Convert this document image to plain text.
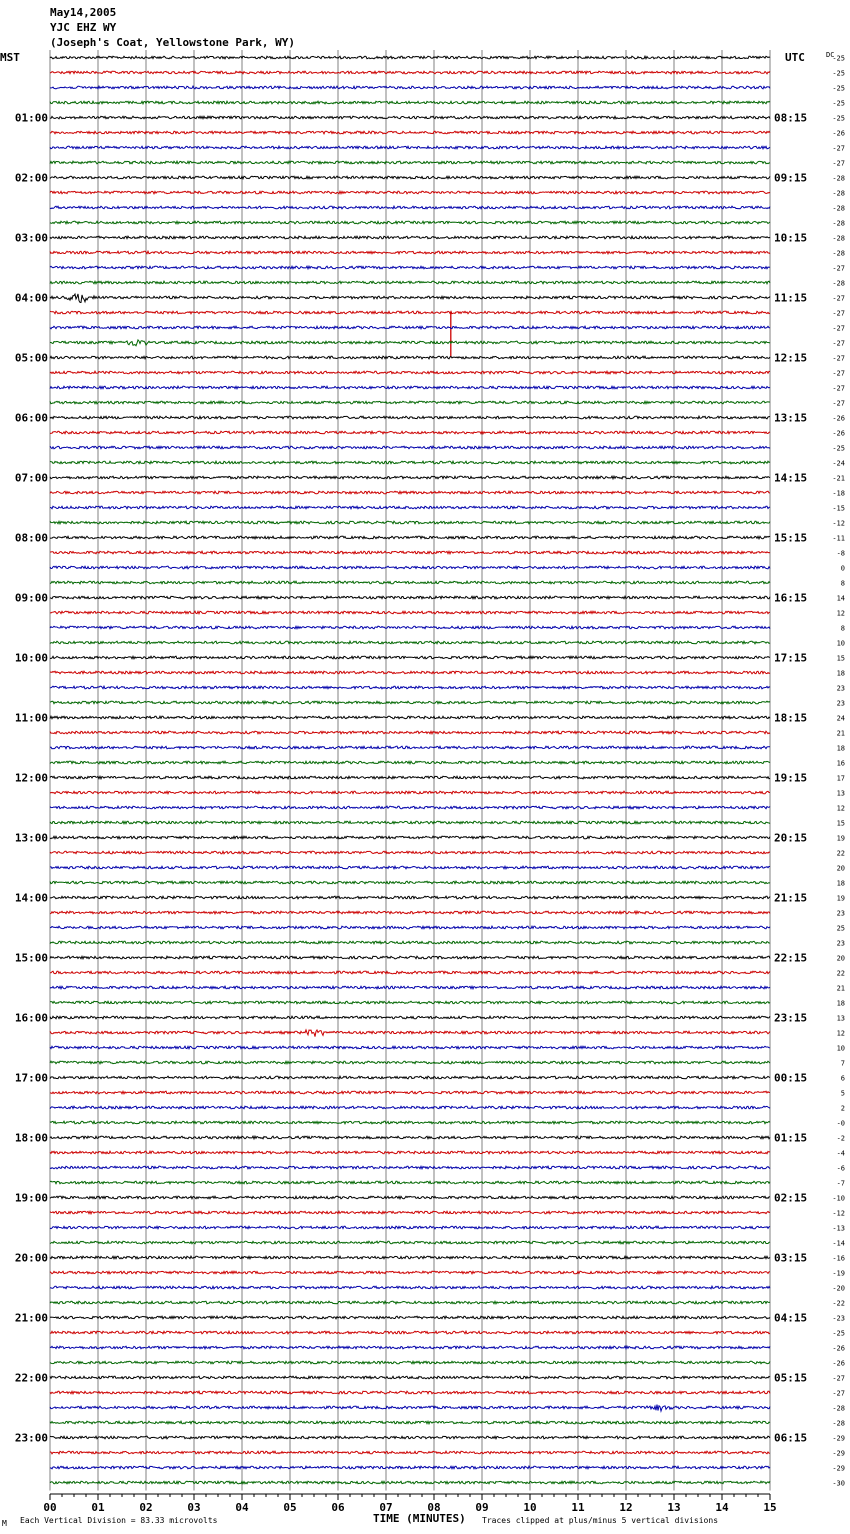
May14,2005
YJC EHZ WY
(Joseph's Coat, Yellowstone Park, WY)
MST	UTC	DC
01:00	08:15
02:00	09:15
03:00	10:15
04:00	11:15
05:00	12:15
06:00	13:15
07:00	14:15
08:00	15:15
09:00	16:15
10:00	17:15
11:00	18:15
12:00	19:15
13:00	20:15
14:00	21:15
15:00	22:15
16:00	23:15
17:00	00:15
18:00	01:15
19:00	02:15
20:00	03:15
21:00	04:15
22:00	05:15
23:00	06:15
-25
-25
-25
-25
-25
-26
-27
-27
-28
-28
-28
-28
-28
-28
-27
-28
-27
-27
-27
-27
-27
-27
-27
-27
-26
-26
-25
-24
-21
-18
-15
-12
-11
-8
0
8
14
12
8
10
15
18
23
23
24
21
18
16
17
13
12
15
19
22
20
18
19
23
25
23
20
22
21
18
13
12
10
7
6
5
2
-0
-2
-4
-6
-7
-10
-12
-13
-14
-16
-19
-20
-22
-23
-25
-26
-26
-27
-27
-28
-28
-29
-29
-29
-30
00	01	02	03	04	05	06	07	08	09	10	11	12	13	14	15
M Each Vertical Division = 83.33 microvolts	TIME (MINUTES) Traces clipped at plus/minus 5 vertical divisions
